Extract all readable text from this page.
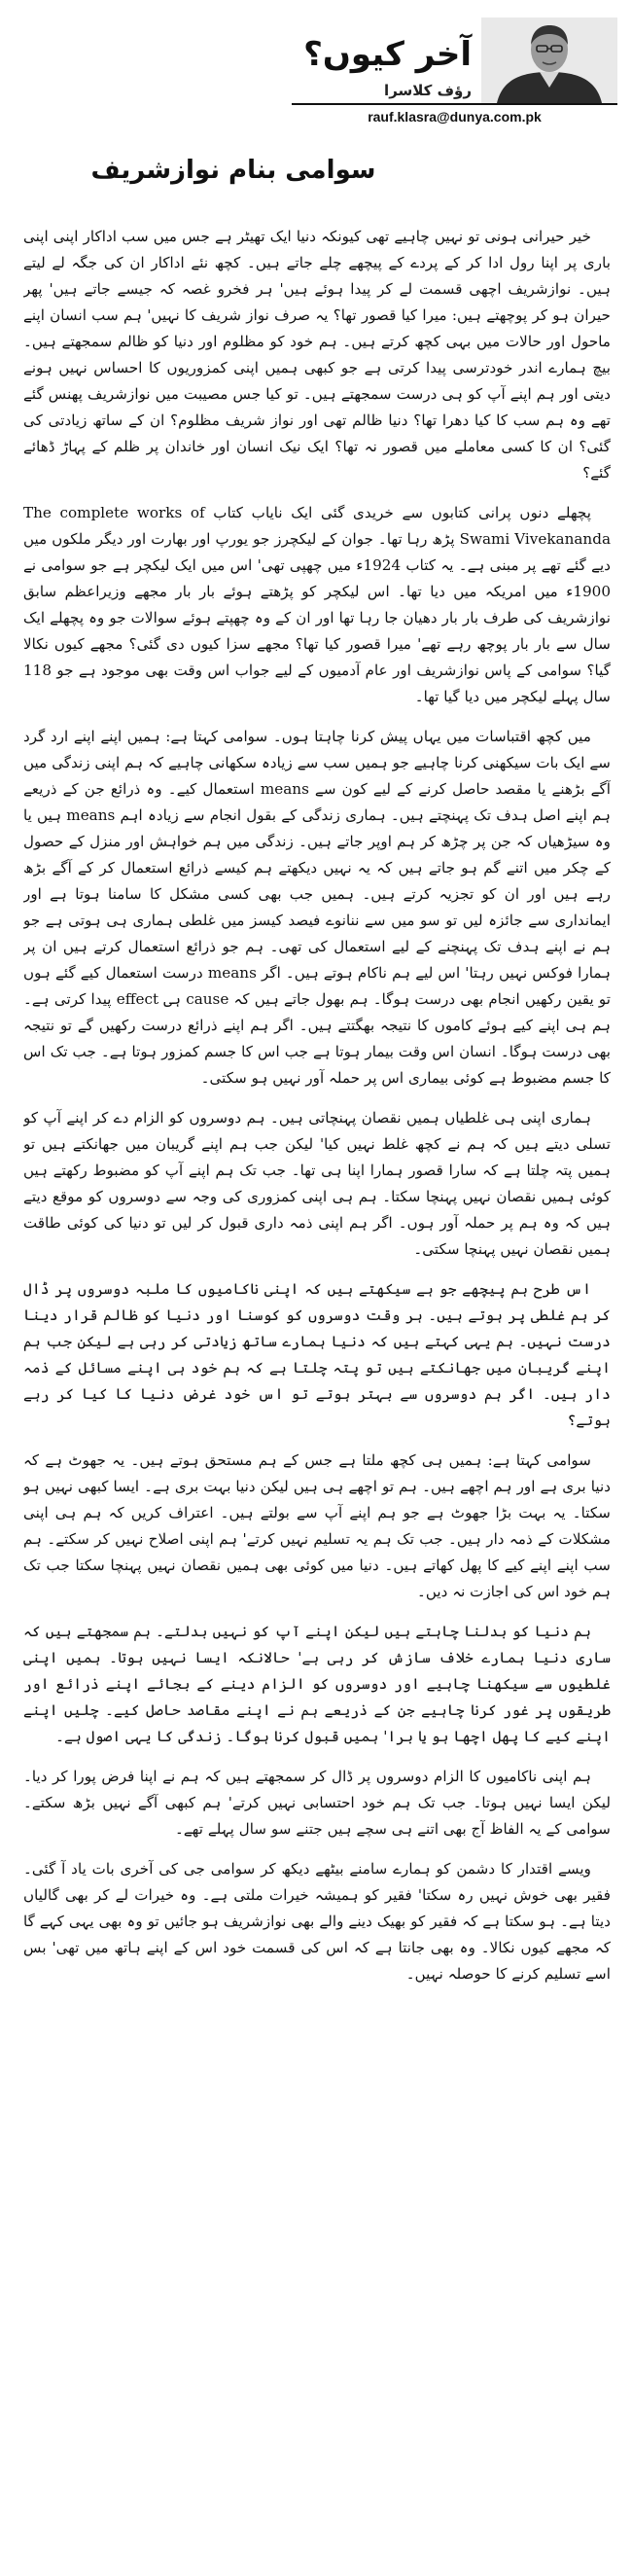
آخر کیوں؟
رؤف کلاسرا
rauf.klasra@dunya.com.pk
سوامی بنام نوازشریف

خیر حیرانی ہونی تو نہیں چاہیے تھی کیونکہ دنیا ایک تھیٹر ہے جس میں سب اداکار اپنی اپنی باری پر اپنا رول ادا کر کے پردے کے پیچھے چلے جاتے ہیں۔ کچھ نئے اداکار ان کی جگہ لے لیتے ہیں۔ نوازشریف اچھی قسمت لے کر پیدا ہوئے ہیں' ہر فخرو غصہ کہ جیسے جاتے ہیں' پھر حیران ہو کر پوچھتے ہیں: میرا کیا قصور تھا؟ یہ صرف نواز شریف کا نہیں' ہم سب انسان اپنے ماحول اور حالات میں بہی کچھ کرتے ہیں۔ ہم خود کو مظلوم اور دنیا کو ظالم سمجھتے ہیں۔ بیچ ہمارے اندر خودترسی پیدا کرتی ہے جو کبھی ہمیں اپنی کمزوریوں کا احساس نہیں ہونے دیتی اور ہم اپنے آپ کو ہی درست سمجھتے ہیں۔ تو کیا جس مصیبت میں نوازشریف پھنس گئے تھے وہ ہم سب کا کیا دھرا تھا؟ دنیا ظالم تھی اور نواز شریف مظلوم؟ ان کے ساتھ زیادتی کی گئی؟ ان کا کسی معاملے میں قصور نہ تھا؟ ایک نیک انسان اور خاندان پر ظلم کے پہاڑ ڈھائے گئے؟

پچھلے دنوں پرانی کتابوں سے خریدی گئی ایک نایاب کتاب The complete works of Swami Vivekananda پڑھ رہا تھا۔ جوان کے لیکچرز جو یورپ اور بھارت اور دیگر ملکوں میں دیے گئے تھے پر مبنی ہے۔ یہ کتاب 1924ء میں چھپی تھی' اس میں ایک لیکچر ہے جو سوامی نے 1900ء میں امریکہ میں دیا تھا۔ اس لیکچر کو پڑھتے ہوئے بار بار مجھے وزیراعظم سابق نوازشریف کی طرف بار بار دھیان جا رہا تھا اور ان کے وہ چھپتے ہوئے سوالات جو وہ پچھلے ایک سال سے بار بار پوچھ رہے تھے' میرا قصور کیا تھا؟ مجھے سزا کیوں دی گئی؟ مجھے کیوں نکالا گیا؟ سوامی کے پاس نوازشریف اور عام آدمیوں کے لیے جواب اس وقت بھی موجود ہے جو 118 سال پہلے لیکچر میں دیا گیا تھا۔

میں کچھ اقتباسات میں یہاں پیش کرنا چاہتا ہوں۔ سوامی کہتا ہے: ہمیں اپنے اپنے ارد گرد سے ایک بات سیکھنی کرنا چاہیے جو ہمیں سب سے زیادہ سکھانی چاہیے کہ ہم اپنی زندگی میں آگے بڑھنے یا مقصد حاصل کرنے کے لیے کون سے means استعمال کیے۔ وہ ذرائع جن کے ذریعے ہم اپنے اصل ہدف تک پہنچتے ہیں۔ ہماری زندگی کے بقول انجام سے زیادہ اہم means ہیں یا وہ سیڑھیاں کہ جن پر چڑھ کر ہم اوپر جاتے ہیں۔ زندگی میں ہم خواہش اور منزل کے حصول کے چکر میں اتنے گم ہو جاتے ہیں کہ یہ نہیں دیکھتے ہم کیسے ذرائع استعمال کر کے آگے بڑھ رہے ہیں اور ان کو تجزیہ کرتے ہیں۔ ہمیں جب بھی کسی مشکل کا سامنا ہوتا ہے اور ایمانداری سے جائزہ لیں تو سو میں سے ننانوے فیصد کیسز میں غلطی ہماری ہی ہوتی ہے جو ہم نے اپنے ہدف تک پہنچنے کے لیے استعمال کی تھی۔ ہم جو ذرائع استعمال کرتے ہیں ان پر ہمارا فوکس نہیں رہتا' اس لیے ہم ناکام ہوتے ہیں۔ اگر means درست استعمال کیے گئے ہوں تو یقین رکھیں انجام بھی درست ہوگا۔ ہم بھول جاتے ہیں کہ cause ہی effect پیدا کرتی ہے۔ ہم ہی اپنے کیے ہوئے کاموں کا نتیجہ بھگتتے ہیں۔ اگر ہم اپنے ذرائع درست رکھیں گے تو نتیجہ بھی درست ہوگا۔ انسان اس وقت بیمار ہوتا ہے جب اس کا جسم کمزور ہوتا ہے۔ جب تک اس کا جسم مضبوط ہے کوئی بیماری اس پر حملہ آور نہیں ہو سکتی۔

ہماری اپنی ہی غلطیاں ہمیں نقصان پہنچاتی ہیں۔ ہم دوسروں کو الزام دے کر اپنے آپ کو تسلی دیتے ہیں کہ ہم نے کچھ غلط نہیں کیا' لیکن جب ہم اپنے گریبان میں جھانکتے ہیں تو ہمیں پتہ چلتا ہے کہ سارا قصور ہمارا اپنا ہی تھا۔ جب تک ہم اپنے آپ کو مضبوط رکھتے ہیں کوئی ہمیں نقصان نہیں پہنچا سکتا۔ ہم ہی اپنی کمزوری کی وجہ سے دوسروں کو موقع دیتے ہیں کہ وہ ہم پر حملہ آور ہوں۔ اگر ہم اپنی ذمہ داری قبول کر لیں تو دنیا کی کوئی طاقت ہمیں نقصان نہیں پہنچا سکتی۔

اس طرح ہم پیچھے جو ہے سیکھتے ہیں کہ اپنی ناکامیوں کا ملبہ دوسروں پر ڈال کر ہم غلطی پر ہوتے ہیں۔ ہر وقت دوسروں کو کوسنا اور دنیا کو ظالم قرار دینا درست نہیں۔ ہم یہی کہتے ہیں کہ دنیا ہمارے ساتھ زیادتی کر رہی ہے لیکن جب ہم اپنے گریبان میں جھانکتے ہیں تو پتہ چلتا ہے کہ ہم خود ہی اپنے مسائل کے ذمہ دار ہیں۔ اگر ہم دوسروں سے بہتر ہوتے تو اس خود غرض دنیا کا کیا کر رہے ہوتے؟

سوامی کہتا ہے: ہمیں ہی کچھ ملتا ہے جس کے ہم مستحق ہوتے ہیں۔ یہ جھوٹ ہے کہ دنیا بری ہے اور ہم اچھے ہیں۔ ہم تو اچھے ہی ہیں لیکن دنیا بہت بری ہے۔ ایسا کبھی نہیں ہو سکتا۔ یہ بہت بڑا جھوٹ ہے جو ہم اپنے آپ سے بولتے ہیں۔ اعتراف کریں کہ ہم ہی اپنی مشکلات کے ذمہ دار ہیں۔ جب تک ہم یہ تسلیم نہیں کرتے' ہم اپنی اصلاح نہیں کر سکتے۔ ہم سب اپنے اپنے کیے کا پھل کھاتے ہیں۔ دنیا میں کوئی بھی ہمیں نقصان نہیں پہنچا سکتا جب تک ہم خود اس کی اجازت نہ دیں۔

ہم دنیا کو بدلنا چاہتے ہیں لیکن اپنے آپ کو نہیں بدلتے۔ ہم سمجھتے ہیں کہ ساری دنیا ہمارے خلاف سازش کر رہی ہے' حالانکہ ایسا نہیں ہوتا۔ ہمیں اپنی غلطیوں سے سیکھنا چاہیے اور دوسروں کو الزام دینے کے بجائے اپنے ذرائع اور طریقوں پر غور کرنا چاہیے جن کے ذریعے ہم نے اپنے مقاصد حاصل کیے۔ چلیں اپنے اپنے کیے کا پھل اچھا ہو یا برا' ہمیں قبول کرنا ہوگا۔ زندگی کا یہی اصول ہے۔

ہم اپنی ناکامیوں کا الزام دوسروں پر ڈال کر سمجھتے ہیں کہ ہم نے اپنا فرض پورا کر دیا۔ لیکن ایسا نہیں ہوتا۔ جب تک ہم خود احتسابی نہیں کرتے' ہم کبھی آگے نہیں بڑھ سکتے۔ سوامی کے یہ الفاظ آج بھی اتنے ہی سچے ہیں جتنے سو سال پہلے تھے۔

ویسے اقتدار کا دشمن کو ہمارے سامنے بیٹھے دیکھ کر سوامی جی کی آخری بات یاد آ گئی۔ فقیر بھی خوش نہیں رہ سکتا' فقیر کو ہمیشہ خیرات ملتی ہے۔ وہ خیرات لے کر بھی گالیاں دیتا ہے۔ ہو سکتا ہے کہ فقیر کو بھیک دینے والے بھی نوازشریف ہو جائیں تو وہ بھی یہی کہے گا کہ مجھے کیوں نکالا۔ وہ بھی جانتا ہے کہ اس کی قسمت خود اس کے اپنے ہاتھ میں تھی' بس اسے تسلیم کرنے کا حوصلہ نہیں۔
